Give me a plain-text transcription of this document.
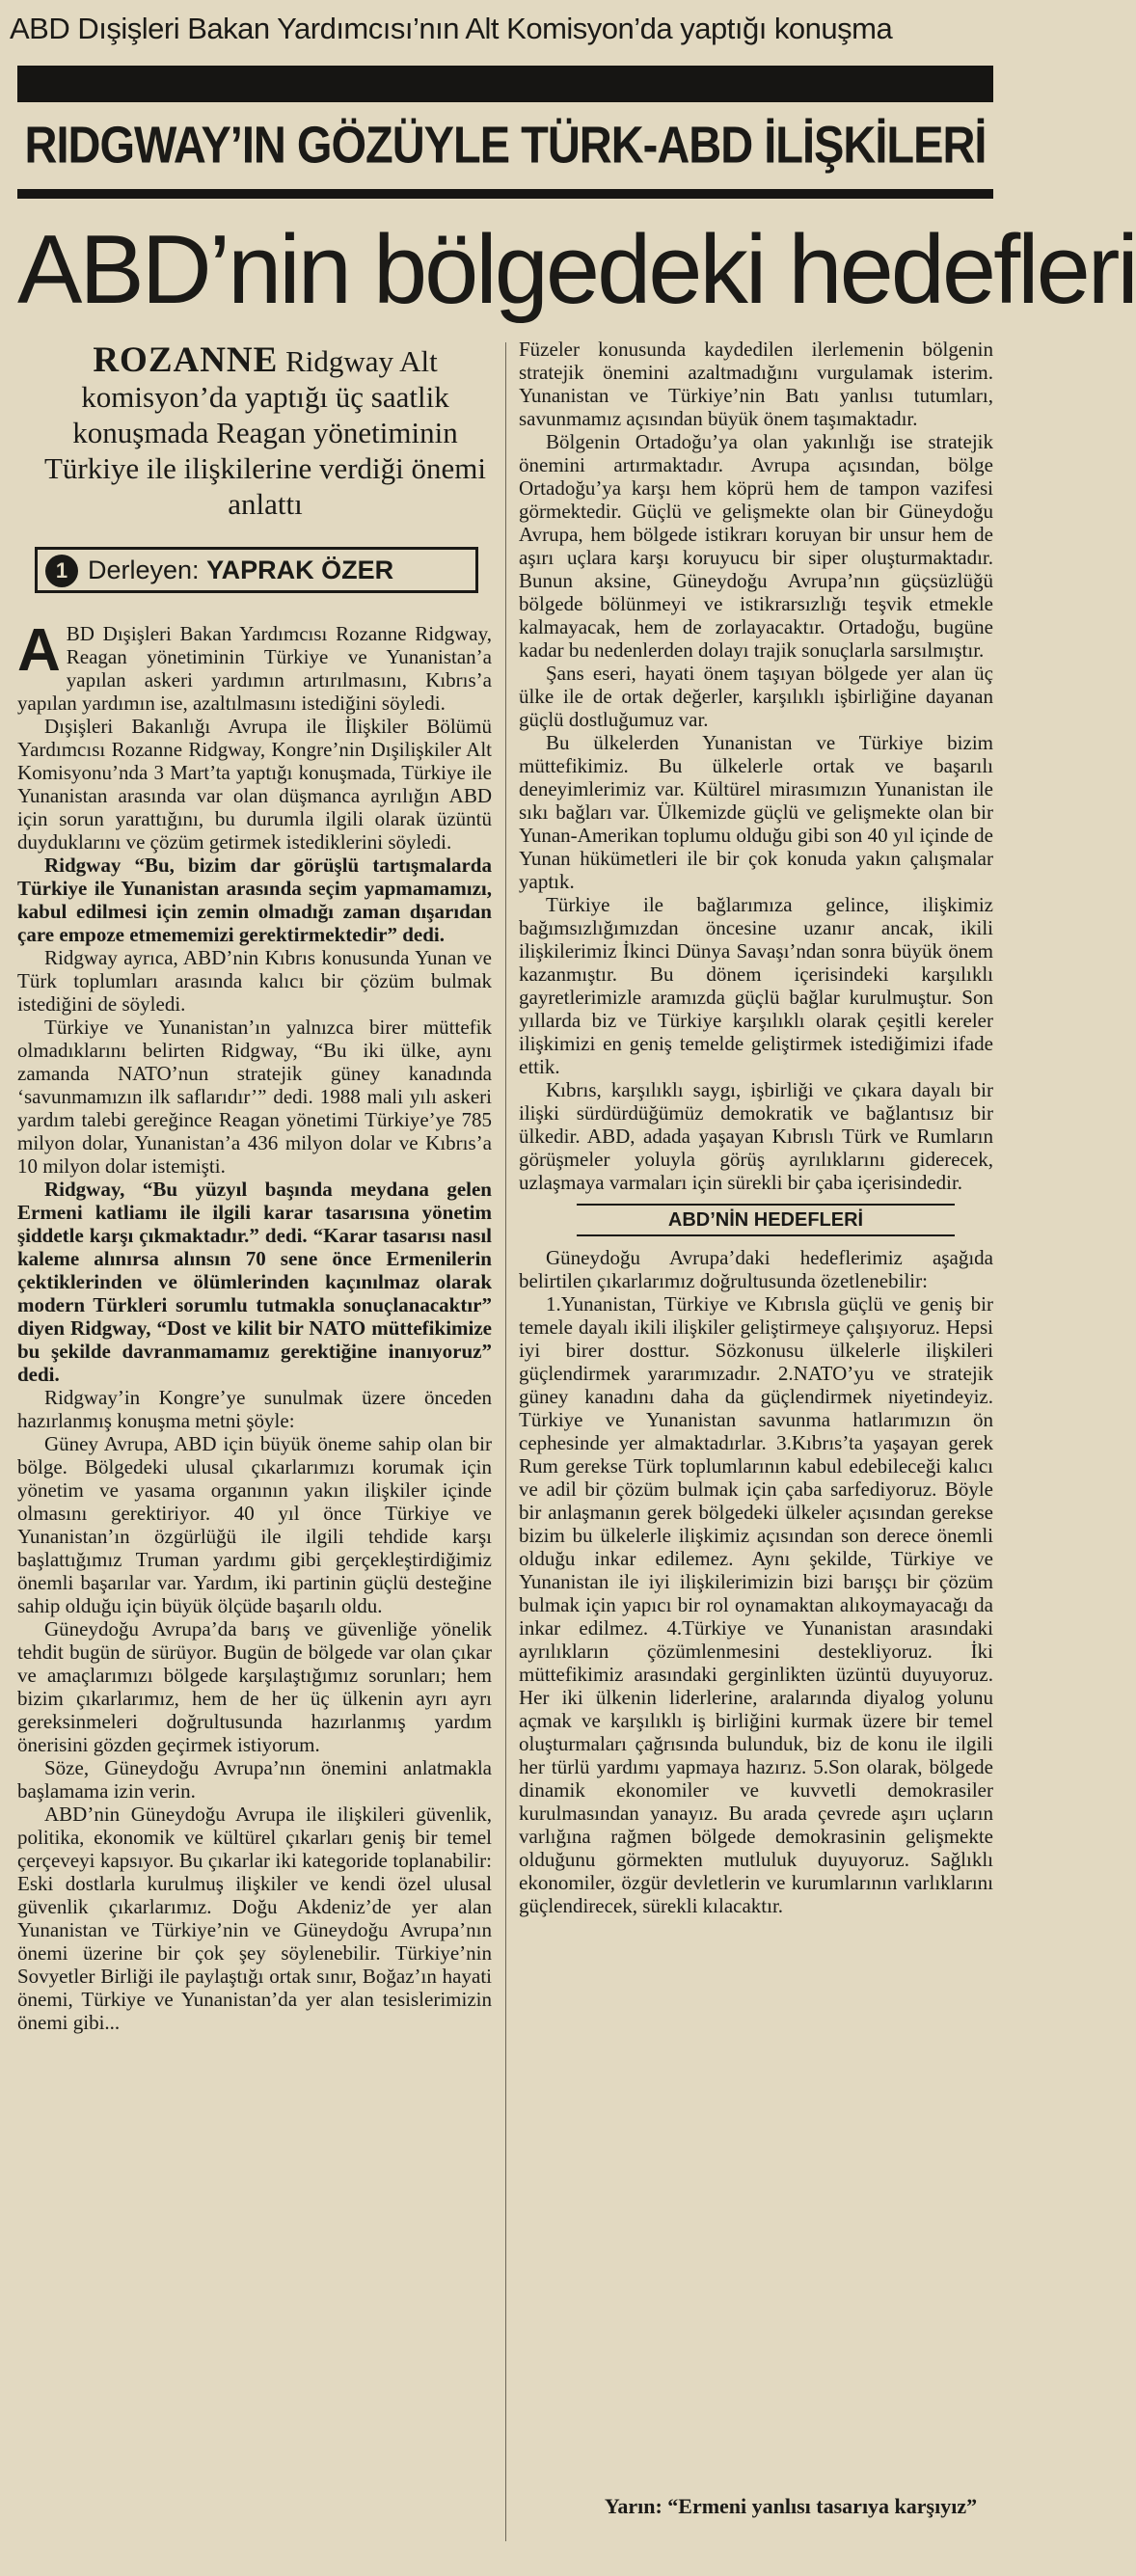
ABD Dışişleri Bakan Yardımcısı’nın Alt Komisyon’da yaptığı konuşma
RIDGWAY’IN GÖZÜYLE TÜRK-ABD İLİŞKİLERİ
ABD’nin bölgedeki hedefleri
ROZANNE Ridgway Alt komisyon’da yaptığı üç saatlik konuşmada Reagan yönetiminin Türkiye ile ilişkilerine verdiği önemi anlattı
1 Derleyen: YAPRAK ÖZER

ABD Dışişleri Bakan Yardımcısı Rozanne Ridgway, Reagan yönetiminin Türkiye ve Yunanistan’a yapılan askeri yardımın artırılmasını, Kıbrıs’a yapılan yardımın ise, azaltılmasını istediğini söyledi.

Dışişleri Bakanlığı Avrupa ile İlişkiler Bölümü Yardımcısı Rozanne Ridgway, Kongre’nin Dışilişkiler Alt Komisyonu’nda 3 Mart’ta yaptığı konuşmada, Türkiye ile Yunanistan arasında var olan düşmanca ayrılığın ABD için sorun yarattığını, bu durumla ilgili olarak üzüntü duyduklarını ve çözüm getirmek istediklerini söyledi.

Ridgway “Bu, bizim dar görüşlü tartışmalarda Türkiye ile Yunanistan arasında seçim yapmamamızı, kabul edilmesi için zemin olmadığı zaman dışarıdan çare empoze etmememizi gerektirmektedir” dedi.

Ridgway ayrıca, ABD’nin Kıbrıs konusunda Yunan ve Türk toplumları arasında kalıcı bir çözüm bulmak istediğini de söyledi.

Türkiye ve Yunanistan’ın yalnızca birer müttefik olmadıklarını belirten Ridgway, “Bu iki ülke, aynı zamanda NATO’nun stratejik güney kanadında ‘savunmamızın ilk saflarıdır’” dedi. 1988 mali yılı askeri yardım talebi gereğince Reagan yönetimi Türkiye’ye 785 milyon dolar, Yunanistan’a 436 milyon dolar ve Kıbrıs’a 10 milyon dolar istemişti.

Ridgway, “Bu yüzyıl başında meydana gelen Ermeni katliamı ile ilgili karar tasarısına yönetim şiddetle karşı çıkmaktadır.” dedi. “Karar tasarısı nasıl kaleme alınırsa alınsın 70 sene önce Ermenilerin çektiklerinden ve ölümlerinden kaçınılmaz olarak modern Türkleri sorumlu tutmakla sonuçlanacaktır” diyen Ridgway, “Dost ve kilit bir NATO müttefikimize bu şekilde davranmamamız gerektiğine inanıyoruz” dedi.

Ridgway’in Kongre’ye sunulmak üzere önceden hazırlanmış konuşma metni şöyle:

Güney Avrupa, ABD için büyük öneme sahip olan bir bölge. Bölgedeki ulusal çıkarlarımızı korumak için yönetim ve yasama organının yakın ilişkiler içinde olmasını gerektiriyor. 40 yıl önce Türkiye ve Yunanistan’ın özgürlüğü ile ilgili tehdide karşı başlattığımız Truman yardımı gibi gerçekleştirdiğimiz önemli başarılar var. Yardım, iki partinin güçlü desteğine sahip olduğu için büyük ölçüde başarılı oldu.

Güneydoğu Avrupa’da barış ve güvenliğe yönelik tehdit bugün de sürüyor. Bugün de bölgede var olan çıkar ve amaçlarımızı bölgede karşılaştığımız sorunları; hem bizim çıkarlarımız, hem de her üç ülkenin ayrı ayrı gereksinmeleri doğrultusunda hazırlanmış yardım önerisini gözden geçirmek istiyorum.

Söze, Güneydoğu Avrupa’nın önemini anlatmakla başlamama izin verin.

ABD’nin Güneydoğu Avrupa ile ilişkileri güvenlik, politika, ekonomik ve kültürel çıkarları geniş bir temel çerçeveyi kapsıyor. Bu çıkarlar iki kategoride toplanabilir: Eski dostlarla kurulmuş ilişkiler ve kendi özel ulusal güvenlik çıkarlarımız. Doğu Akdeniz’de yer alan Yunanistan ve Türkiye’nin ve Güneydoğu Avrupa’nın önemi üzerine bir çok şey söylenebilir. Türkiye’nin Sovyetler Birliği ile paylaştığı ortak sınır, Boğaz’ın hayati önemi, Türkiye ve Yunanistan’da yer alan tesislerimizin önemi gibi...

Füzeler konusunda kaydedilen ilerlemenin bölgenin stratejik önemini azaltmadığını vurgulamak isterim. Yunanistan ve Türkiye’nin Batı yanlısı tutumları, savunmamız açısından büyük önem taşımaktadır.

Bölgenin Ortadoğu’ya olan yakınlığı ise stratejik önemini artırmaktadır. Avrupa açısından, bölge Ortadoğu’ya karşı hem köprü hem de tampon vazifesi görmektedir. Güçlü ve gelişmekte olan bir Güneydoğu Avrupa, hem bölgede istikrarı koruyan bir unsur hem de aşırı uçlara karşı koruyucu bir siper oluşturmaktadır. Bunun aksine, Güneydoğu Avrupa’nın güçsüzlüğü bölgede bölünmeyi ve istikrarsızlığı teşvik etmekle kalmayacak, hem de zorlayacaktır. Ortadoğu, bugüne kadar bu nedenlerden dolayı trajik sonuçlarla sarsılmıştır.

Şans eseri, hayati önem taşıyan bölgede yer alan üç ülke ile de ortak değerler, karşılıklı işbirliğine dayanan güçlü dostluğumuz var.

Bu ülkelerden Yunanistan ve Türkiye bizim müttefikimiz. Bu ülkelerle ortak ve başarılı deneyimlerimiz var. Kültürel mirasımızın Yunanistan ile sıkı bağları var. Ülkemizde güçlü ve gelişmekte olan bir Yunan-Amerikan toplumu olduğu gibi son 40 yıl içinde de Yunan hükümetleri ile bir çok konuda yakın çalışmalar yaptık.

Türkiye ile bağlarımıza gelince, ilişkimiz bağımsızlığımızdan öncesine uzanır ancak, ikili ilişkilerimiz İkinci Dünya Savaşı’ndan sonra büyük önem kazanmıştır. Bu dönem içerisindeki karşılıklı gayretlerimizle aramızda güçlü bağlar kurulmuştur. Son yıllarda biz ve Türkiye karşılıklı olarak çeşitli kereler ilişkimizi en geniş temelde geliştirmek istediğimizi ifade ettik.

Kıbrıs, karşılıklı saygı, işbirliği ve çıkara dayalı bir ilişki sürdürdüğümüz demokratik ve bağlantısız bir ülkedir. ABD, adada yaşayan Kıbrıslı Türk ve Rumların görüşmeler yoluyla görüş ayrılıklarını giderecek, uzlaşmaya varmaları için sürekli bir çaba içerisindedir.

ABD’NİN HEDEFLERİ

Güneydoğu Avrupa’daki hedeflerimiz aşağıda belirtilen çıkarlarımız doğrultusunda özetlenebilir:

1.Yunanistan, Türkiye ve Kıbrısla güçlü ve geniş bir temele dayalı ikili ilişkiler geliştirmeye çalışıyoruz. Hepsi iyi birer dosttur. Sözkonusu ülkelerle ilişkileri güçlendirmek yararımızadır. 2.NATO’yu ve stratejik güney kanadını daha da güçlendirmek niyetindeyiz. Türkiye ve Yunanistan savunma hatlarımızın ön cephesinde yer almaktadırlar. 3.Kıbrıs’ta yaşayan gerek Rum gerekse Türk toplumlarının kabul edebileceği kalıcı ve adil bir çözüm bulmak için çaba sarfediyoruz. Böyle bir anlaşmanın gerek bölgedeki ülkeler açısından gerekse bizim bu ülkelerle ilişkimiz açısından son derece önemli olduğu inkar edilemez. Aynı şekilde, Türkiye ve Yunanistan ile iyi ilişkilerimizin bizi barışçı bir çözüm bulmak için yapıcı bir rol oynamaktan alıkoymayacağı da inkar edilmez. 4.Türkiye ve Yunanistan arasındaki ayrılıkların çözümlenmesini destekliyoruz. İki müttefikimiz arasındaki gerginlikten üzüntü duyuyoruz. Her iki ülkenin liderlerine, aralarında diyalog yolunu açmak ve karşılıklı iş birliğini kurmak üzere bir temel oluşturmaları çağrısında bulunduk, biz de konu ile ilgili her türlü yardımı yapmaya hazırız. 5.Son olarak, bölgede dinamik ekonomiler ve kuvvetli demokrasiler kurulmasından yanayız. Bu arada çevrede aşırı uçların varlığına rağmen bölgede demokrasinin gelişmekte olduğunu görmekten mutluluk duyuyoruz. Sağlıklı ekonomiler, özgür devletlerin ve kurumlarının varlıklarını güçlendirecek, sürekli kılacaktır.

Yarın: “Ermeni yanlısı tasarıya karşıyız”
